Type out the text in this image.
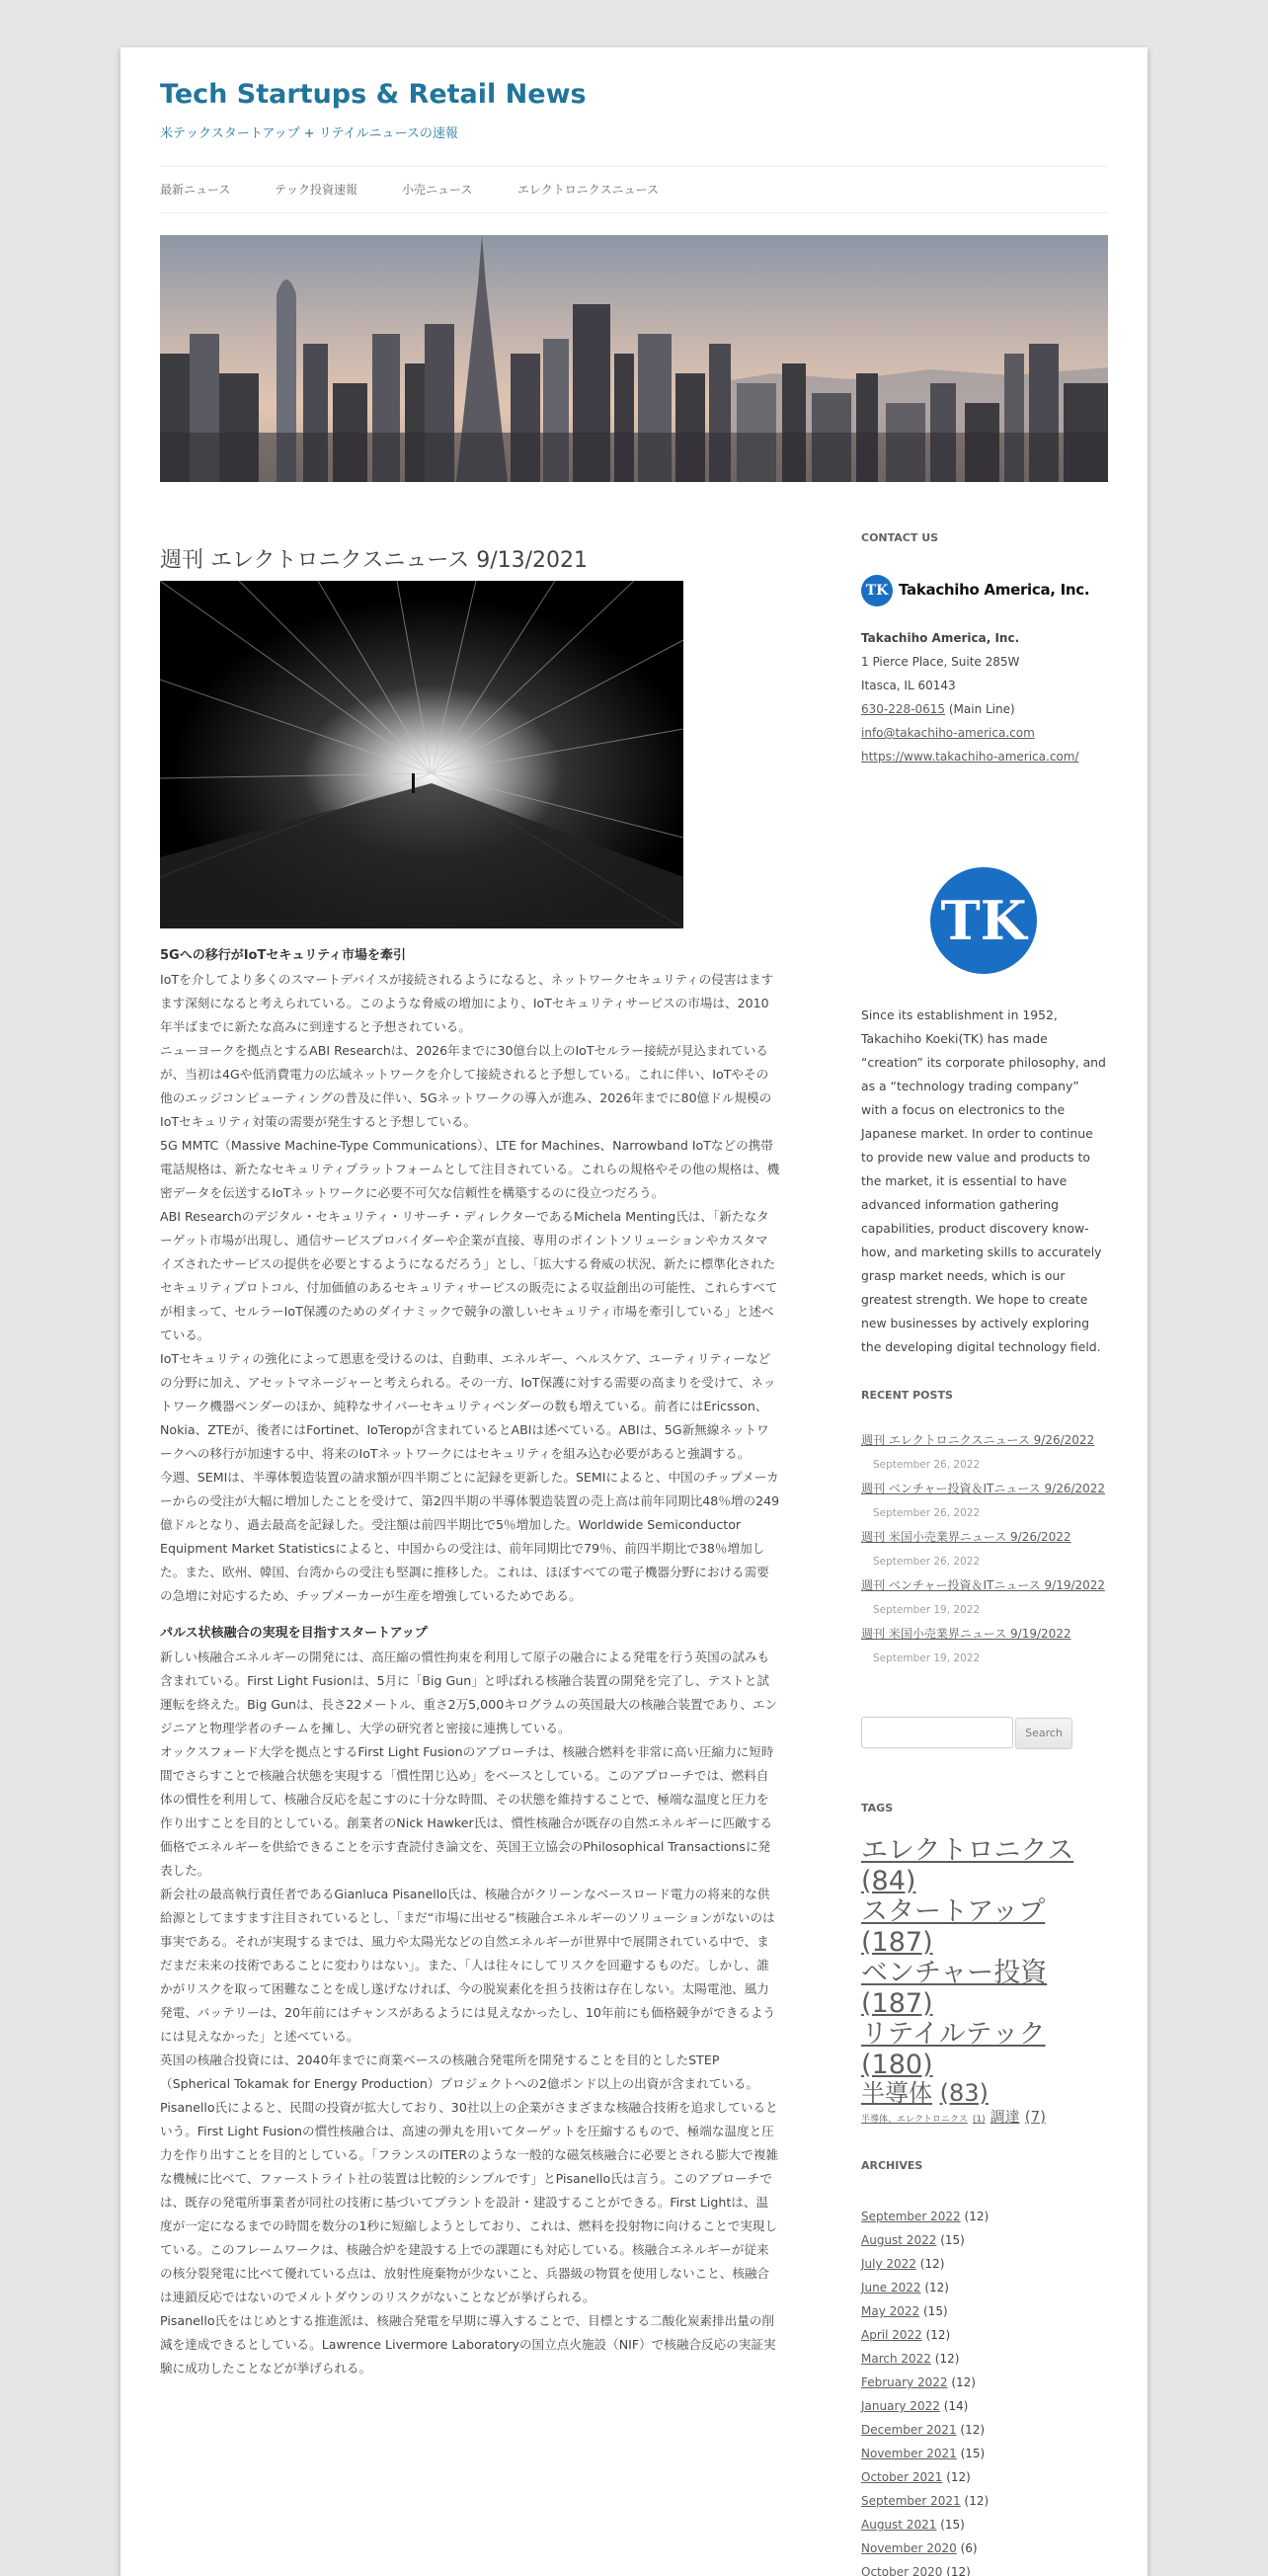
Tech Startups & Retail News
米テックスタートアップ + リテイルニュースの速報
最新ニュース	テック投資速報	小売ニュース	エレクトロニクスニュース
週刊 エレクトロニクスニュース 9/13/2021
5Gへの移行がIoTセキュリティ市場を牽引

IoTを介してより多くのスマートデバイスが接続されるようになると、ネットワークセキュリティの侵害はますます深刻になると考えられている。このような脅威の増加により、IoTセキュリティサービスの市場は、2010年半ばまでに新たな高みに到達すると予想されている。

ニューヨークを拠点とするABI Researchは、2026年までに30億台以上のIoTセルラー接続が見込まれているが、当初は4Gや低消費電力の広域ネットワークを介して接続されると予想している。これに伴い、IoTやその他のエッジコンピューティングの普及に伴い、5Gネットワークの導入が進み、2026年までに80億ドル規模のIoTセキュリティ対策の需要が発生すると予想している。

5G MMTC（Massive Machine-Type Communications）、LTE for Machines、Narrowband IoTなどの携帯電話規格は、新たなセキュリティプラットフォームとして注目されている。これらの規格やその他の規格は、機密データを伝送するIoTネットワークに必要不可欠な信頼性を構築するのに役立つだろう。

ABI Researchのデジタル・セキュリティ・リサーチ・ディレクターであるMichela Menting氏は、「新たなターゲット市場が出現し、通信サービスプロバイダーや企業が直接、専用のポイントソリューションやカスタマイズされたサービスの提供を必要とするようになるだろう」とし、「拡大する脅威の状況、新たに標準化されたセキュリティプロトコル、付加価値のあるセキュリティサービスの販売による収益創出の可能性、これらすべてが相まって、セルラーIoT保護のためのダイナミックで競争の激しいセキュリティ市場を牽引している」と述べている。

IoTセキュリティの強化によって恩恵を受けるのは、自動車、エネルギー、ヘルスケア、ユーティリティーなどの分野に加え、アセットマネージャーと考えられる。その一方、IoT保護に対する需要の高まりを受けて、ネットワーク機器ベンダーのほか、純粋なサイバーセキュリティベンダーの数も増えている。前者にはEricsson、Nokia、ZTEが、後者にはFortinet、IoTeropが含まれているとABIは述べている。ABIは、5G新無線ネットワークへの移行が加速する中、将来のIoTネットワークにはセキュリティを組み込む必要があると強調する。

今週、SEMIは、半導体製造装置の請求額が四半期ごとに記録を更新した。SEMIによると、中国のチップメーカーからの受注が大幅に増加したことを受けて、第2四半期の半導体製造装置の売上高は前年同期比48％増の249億ドルとなり、過去最高を記録した。受注額は前四半期比で5％増加した。Worldwide Semiconductor Equipment Market Statisticsによると、中国からの受注は、前年同期比で79％、前四半期比で38％増加した。また、欧州、韓国、台湾からの受注も堅調に推移した。これは、ほぼすべての電子機器分野における需要の急増に対応するため、チップメーカーが生産を増強しているためである。

パルス状核融合の実現を目指すスタートアップ

新しい核融合エネルギーの開発には、高圧縮の慣性拘束を利用して原子の融合による発電を行う英国の試みも含まれている。First Light Fusionは、5月に「Big Gun」と呼ばれる核融合装置の開発を完了し、テストと試運転を終えた。Big Gunは、長さ22メートル、重さ2万5,000キログラムの英国最大の核融合装置であり、エンジニアと物理学者のチームを擁し、大学の研究者と密接に連携している。

オックスフォード大学を拠点とするFirst Light Fusionのアプローチは、核融合燃料を非常に高い圧縮力に短時間でさらすことで核融合状態を実現する「慣性閉じ込め」をベースとしている。このアプローチでは、燃料自体の慣性を利用して、核融合反応を起こすのに十分な時間、その状態を維持することで、極端な温度と圧力を作り出すことを目的としている。創業者のNick Hawker氏は、慣性核融合が既存の自然エネルギーに匹敵する価格でエネルギーを供給できることを示す査読付き論文を、英国王立協会のPhilosophical Transactionsに発表した。

新会社の最高執行責任者であるGianluca Pisanello氏は、核融合がクリーンなベースロード電力の将来的な供給源としてますます注目されているとし、「まだ“市場に出せる”核融合エネルギーのソリューションがないのは事実である。それが実現するまでは、風力や太陽光などの自然エネルギーが世界中で展開されている中で、まだまだ未来の技術であることに変わりはない」。また、「人は往々にしてリスクを回避するものだ。しかし、誰かがリスクを取って困難なことを成し遂げなければ、今の脱炭素化を担う技術は存在しない。太陽電池、風力発電、バッテリーは、20年前にはチャンスがあるようには見えなかったし、10年前にも価格競争ができるようには見えなかった」と述べている。

英国の核融合投資には、2040年までに商業ベースの核融合発電所を開発することを目的としたSTEP（Spherical Tokamak for Energy Production）プロジェクトへの2億ポンド以上の出資が含まれている。Pisanello氏によると、民間の投資が拡大しており、30社以上の企業がさまざまな核融合技術を追求しているという。First Light Fusionの慣性核融合は、高速の弾丸を用いてターゲットを圧縮するもので、極端な温度と圧力を作り出すことを目的としている。「フランスのITERのような一般的な磁気核融合に必要とされる膨大で複雑な機械に比べて、ファーストライト社の装置は比較的シンプルです」とPisanello氏は言う。このアプローチでは、既存の発電所事業者が同社の技術に基づいてプラントを設計・建設することができる。First Lightは、温度が一定になるまでの時間を数分の1秒に短縮しようとしており、これは、燃料を投射物に向けることで実現している。このフレームワークは、核融合炉を建設する上での課題にも対応している。核融合エネルギーが従来の核分裂発電に比べて優れている点は、放射性廃棄物が少ないこと、兵器級の物質を使用しないこと、核融合は連鎖反応ではないのでメルトダウンのリスクがないことなどが挙げられる。

Pisanello氏をはじめとする推進派は、核融合発電を早期に導入することで、目標とする二酸化炭素排出量の削減を達成できるとしている。Lawrence Livermore Laboratoryの国立点火施設（NIF）で核融合反応の実証実験に成功したことなどが挙げられる。

CONTACT US
TK Takachiho America, Inc.
Takachiho America, Inc.
1 Pierce Place, Suite 285W
Itasca, IL 60143
630-228-0615 (Main Line)
info@takachiho-america.com
https://www.takachiho-america.com/
TK
Since its establishment in 1952, Takachiho Koeki(TK) has made “creation” its corporate philosophy, and as a “technology trading company” with a focus on electronics to the Japanese market. In order to continue to provide new value and products to the market, it is essential to have advanced information gathering capabilities, product discovery know-how, and marketing skills to accurately grasp market needs, which is our greatest strength. We hope to create new businesses by actively exploring the developing digital technology field.
RECENT POSTS
週刊 エレクトロニクスニュース 9/26/2022 September 26, 2022
週刊 ベンチャー投資＆ITニュース 9/26/2022 September 26, 2022
週刊 米国小売業界ニュース 9/26/2022 September 26, 2022
週刊 ベンチャー投資＆ITニュース 9/19/2022 September 19, 2022
週刊 米国小売業界ニュース 9/19/2022 September 19, 2022
Search
TAGS
エレクトロニクス (84)
スタートアップ (187)
ベンチャー投資 (187)
リテイルテック (180)
半導体 (83)
半導体、エレクトロニクス (1) 調達 (7)
ARCHIVES
September 2022 (12)
August 2022 (15)
July 2022 (12)
June 2022 (12)
May 2022 (15)
April 2022 (12)
March 2022 (12)
February 2022 (12)
January 2022 (14)
December 2021 (12)
November 2021 (15)
October 2021 (12)
September 2021 (12)
August 2021 (15)
November 2020 (6)
October 2020 (12)
